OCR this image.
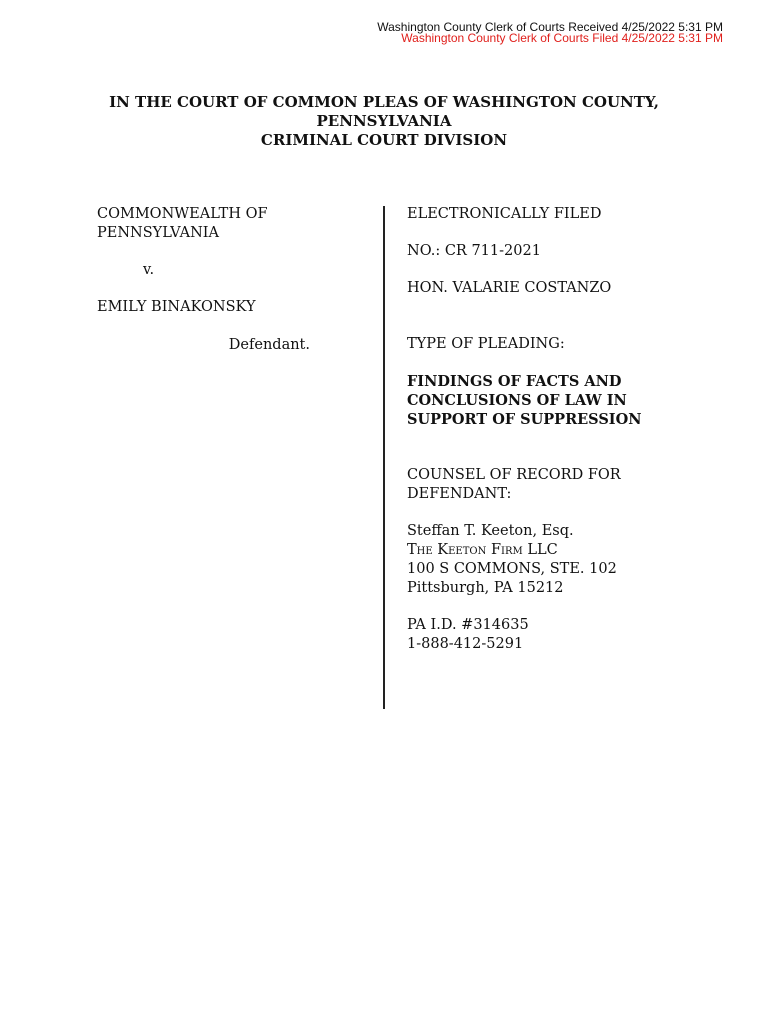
Washington County Clerk of Courts Received 4/25/2022 5:31 PM
Washington County Clerk of Courts Filed 4/25/2022 5:31 PM
IN THE COURT OF COMMON PLEAS OF WASHINGTON COUNTY,
PENNSYLVANIA
CRIMINAL COURT DIVISION
COMMONWEALTH OF
PENNSYLVANIA
v.
EMILY BINAKONSKY
Defendant.
ELECTRONICALLY FILED
NO.: CR 711-2021
HON. VALARIE COSTANZO
TYPE OF PLEADING:
FINDINGS OF FACTS AND
CONCLUSIONS OF LAW IN
SUPPORT OF SUPPRESSION
COUNSEL OF RECORD FOR
DEFENDANT:
Steffan T. Keeton, Esq.
The Keeton Firm LLC
100 S COMMONS, STE. 102
Pittsburgh, PA 15212
PA I.D. #314635
1-888-412-5291
